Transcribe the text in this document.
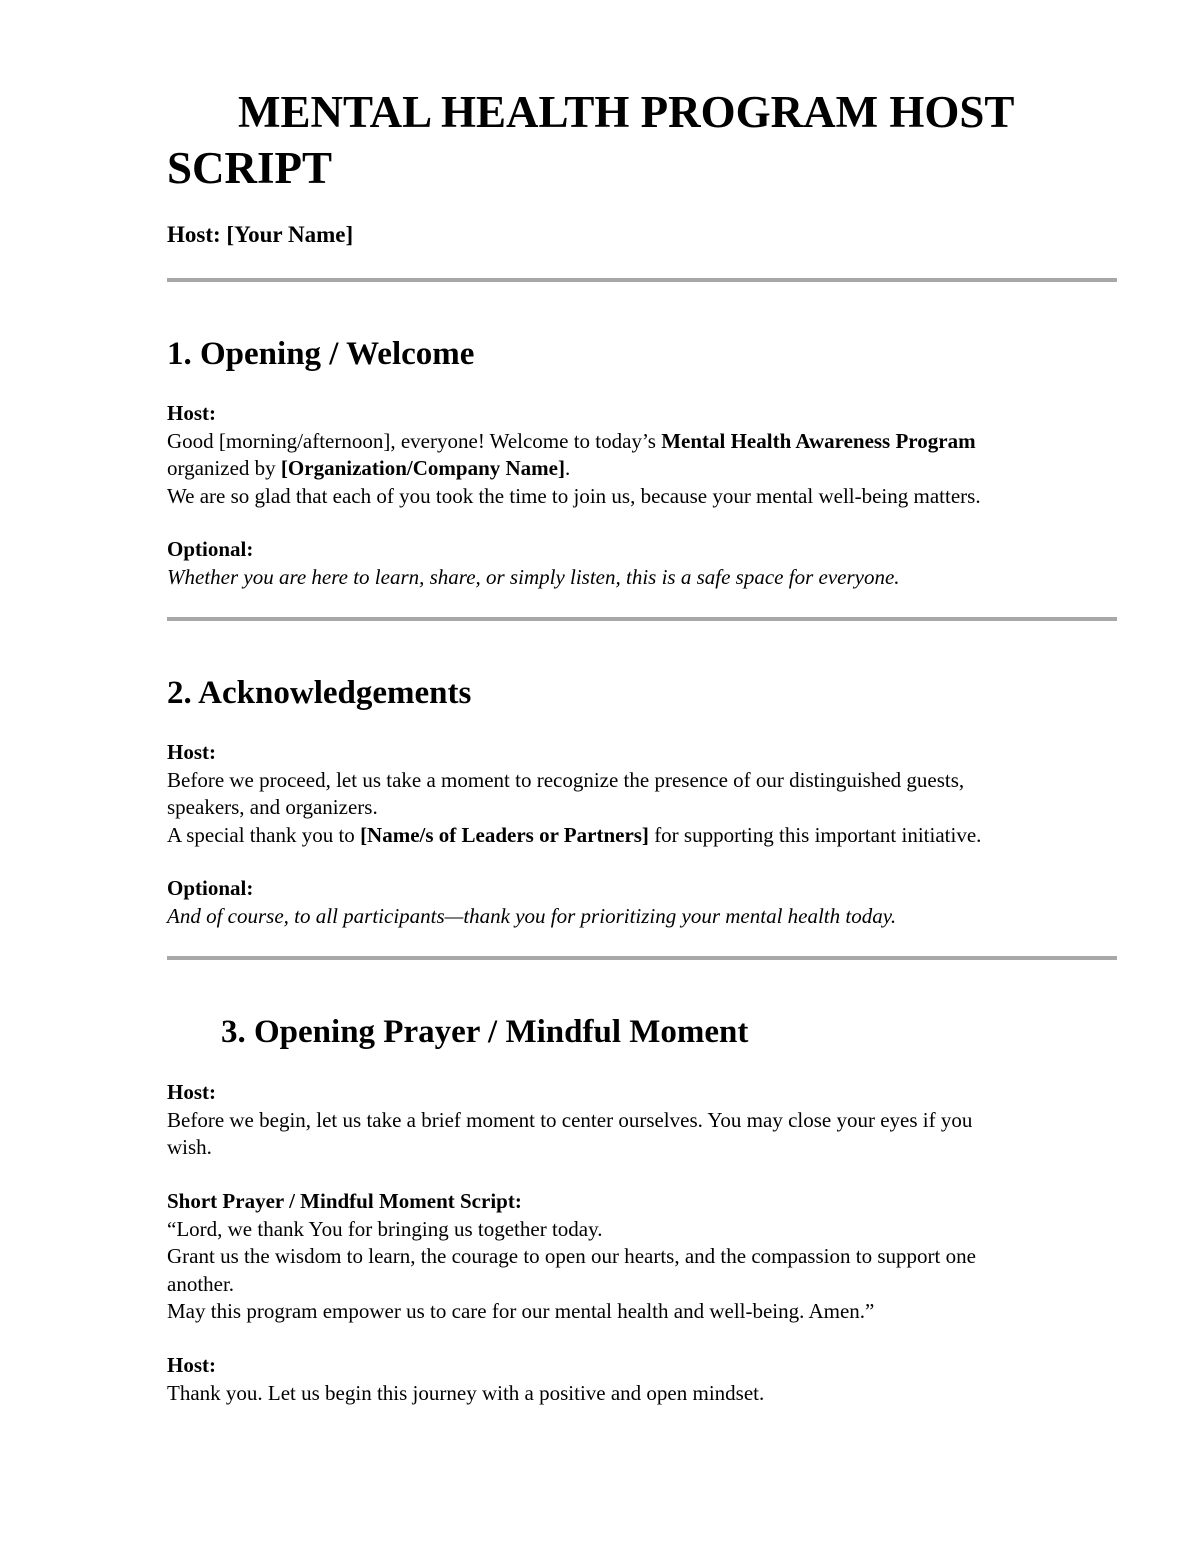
MENTAL HEALTH PROGRAM HOST SCRIPT

Host: [Your Name]

1. Opening / Welcome
Host:
Good [morning/afternoon], everyone! Welcome to today’s Mental Health Awareness Program
organized by [Organization/Company Name].
We are so glad that each of you took the time to join us, because your mental well-being matters.
Optional:
Whether you are here to learn, share, or simply listen, this is a safe space for everyone.
2. Acknowledgements
Host:
Before we proceed, let us take a moment to recognize the presence of our distinguished guests,
speakers, and organizers.
A special thank you to [Name/s of Leaders or Partners] for supporting this important initiative.
Optional:
And of course, to all participants—thank you for prioritizing your mental health today.
3. Opening Prayer / Mindful Moment
Host:
Before we begin, let us take a brief moment to center ourselves. You may close your eyes if you
wish.
Short Prayer / Mindful Moment Script:
“Lord, we thank You for bringing us together today.
Grant us the wisdom to learn, the courage to open our hearts, and the compassion to support one
another.
May this program empower us to care for our mental health and well-being. Amen.”
Host:
Thank you. Let us begin this journey with a positive and open mindset.
